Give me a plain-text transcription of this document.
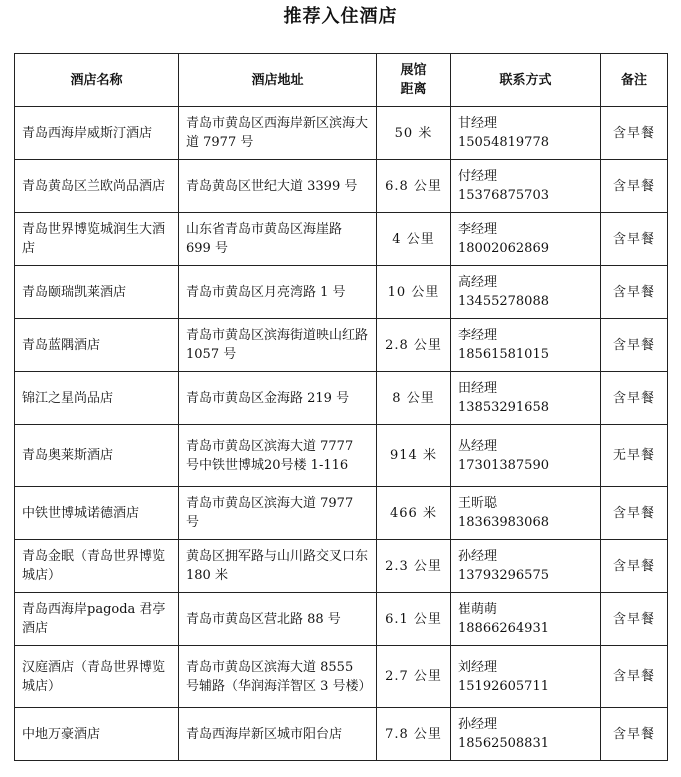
推荐入住酒店
酒店名称	酒店地址	展馆距离	联系方式	备注

青岛西海岸威斯汀酒店	青岛市黄岛区西海岸新区滨海大道 7977 号	50 米	甘经理
15054819778	含早餐

青岛黄岛区兰欧尚品酒店	青岛黄岛区世纪大道 3399 号	6.8 公里	付经理
15376875703	含早餐

青岛世界博览城润生大酒店	山东省青岛市黄岛区海崖路 699 号	4 公里	李经理
18002062869	含早餐

青岛颐瑞凯莱酒店	青岛市黄岛区月亮湾路 1 号	10 公里	高经理
13455278088	含早餐

青岛蓝隅酒店	青岛市黄岛区滨海街道映山红路 1057 号	2.8 公里	李经理
18561581015	含早餐

锦江之星尚品店	青岛市黄岛区金海路 219 号	8 公里	田经理
13853291658	含早餐

青岛奥莱斯酒店	青岛市黄岛区滨海大道 7777 号中铁世博城20号楼 1-116	914 米	丛经理
17301387590	无早餐

中铁世博城诺德酒店	青岛市黄岛区滨海大道 7977 号	466 米	王昕聪
18363983068	含早餐

青岛金眠（青岛世界博览城店）	黄岛区拥军路与山川路交叉口东 180 米	2.3 公里	孙经理
13793296575	含早餐

青岛西海岸pagoda 君亭酒店	青岛市黄岛区营北路 88 号	6.1 公里	崔萌萌
18866264931	含早餐

汉庭酒店（青岛世界博览城店）	青岛市黄岛区滨海大道 8555 号辅路（华润海洋智区 3 号楼）	2.7 公里	刘经理
15192605711	含早餐

中地万豪酒店	青岛西海岸新区城市阳台店	7.8 公里	孙经理
18562508831	含早餐
